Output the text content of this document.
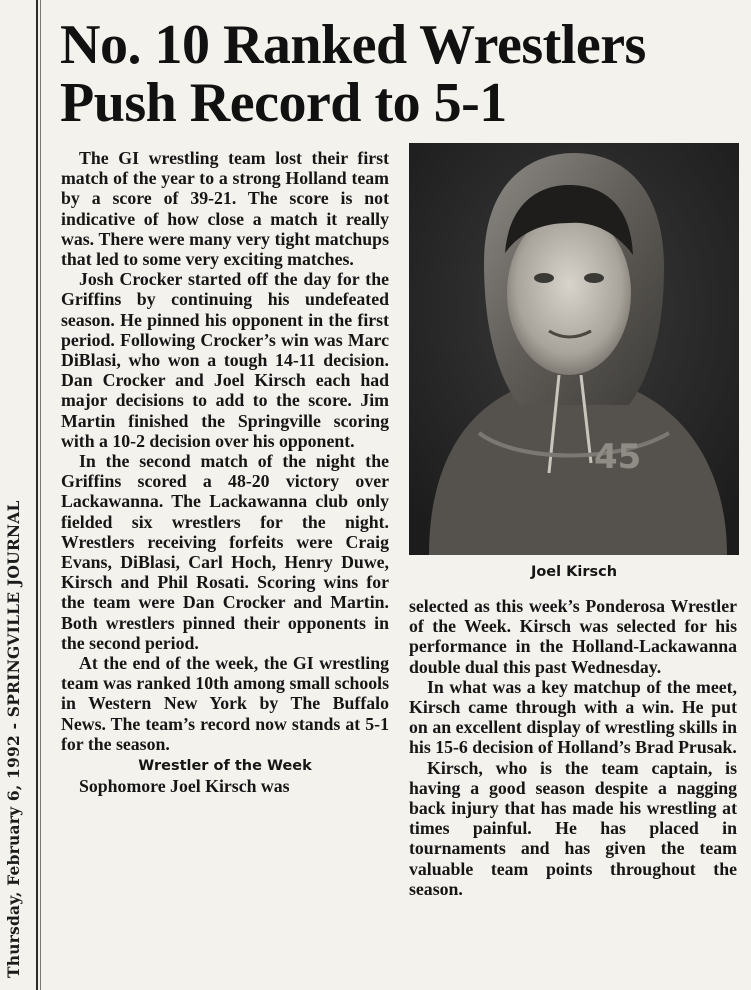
Thursday, February 6, 1992 - SPRINGVILLE JOURNAL
No. 10 Ranked Wrestlers Push Record to 5-1

The GI wrestling team lost their first match of the year to a strong Holland team by a score of 39-21. The score is not indicative of how close a match it really was. There were many very tight matchups that led to some very exciting matches.

Josh Crocker started off the day for the Griffins by continuing his undefeated season. He pinned his opponent in the first period. Following Crocker’s win was Marc DiBlasi, who won a tough 14-11 decision. Dan Crocker and Joel Kirsch each had major decisions to add to the score. Jim Martin finished the Springville scoring with a 10-2 decision over his opponent.

In the second match of the night the Griffins scored a 48-20 victory over Lackawanna. The Lackawanna club only fielded six wrestlers for the night. Wrestlers receiving forfeits were Craig Evans, DiBlasi, Carl Hoch, Henry Duwe, Kirsch and Phil Rosati. Scoring wins for the team were Dan Crocker and Martin. Both wrestlers pinned their opponents in the second period.

At the end of the week, the GI wrestling team was ranked 10th among small schools in Western New York by The Buffalo News. The team’s record now stands at 5-1 for the season.

Wrestler of the Week

Sophomore Joel Kirsch was

45
Joel Kirsch

selected as this week’s Ponderosa Wrestler of the Week. Kirsch was selected for his performance in the Holland-Lackawanna double dual this past Wednesday.

In what was a key matchup of the meet, Kirsch came through with a win. He put on an excellent display of wrestling skills in his 15-6 decision of Holland’s Brad Prusak.

Kirsch, who is the team captain, is having a good season despite a nagging back injury that has made his wrestling at times painful. He has placed in tournaments and has given the team valuable team points throughout the season.
